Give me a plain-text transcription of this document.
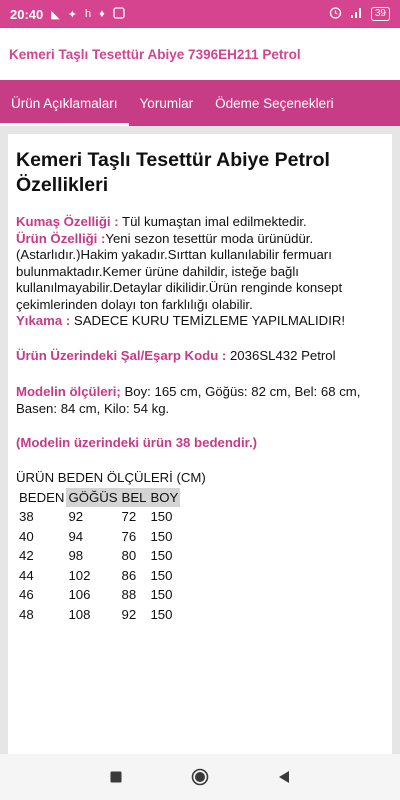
20:40 ◣ ✦ h ♦	39
Kemeri Taşlı Tesettür Abiye 7396EH211 Petrol
Ürün Açıklamaları Yorumlar Ödeme Seçenekleri
Kemeri Taşlı Tesettür Abiye Petrol Özellikleri
Kumaş Özelliği : Tül kumaştan imal edilmektedir.
Ürün Özelliği :Yeni sezon tesettür moda ürünüdür.(Astarlıdır.)Hakim yakadır.Sırttan kullanılabilir fermuarı bulunmaktadır.Kemer ürüne dahildir, isteğe bağlı kullanılmayabilir.Detaylar dikilidir.Ürün renginde konsept çekimlerinden dolayı ton farklılığı olabilir.
Yıkama : SADECE KURU TEMİZLEME YAPILMALIDIR!
Ürün Üzerindeki Şal/Eşarp Kodu : 2036SL432 Petrol
Modelin ölçüleri; Boy: 165 cm, Göğüs: 82 cm, Bel: 68 cm, Basen: 84 cm, Kilo: 54 kg.
(Modelin üzerindeki ürün 38 bedendir.)
ÜRÜN BEDEN ÖLÇÜLERİ (CM)
BEDEN	GÖĞÜS	BEL	BOY
38	92	72	150
40	94	76	150
42	98	80	150
44	102	86	150
46	106	88	150
48	108	92	150
